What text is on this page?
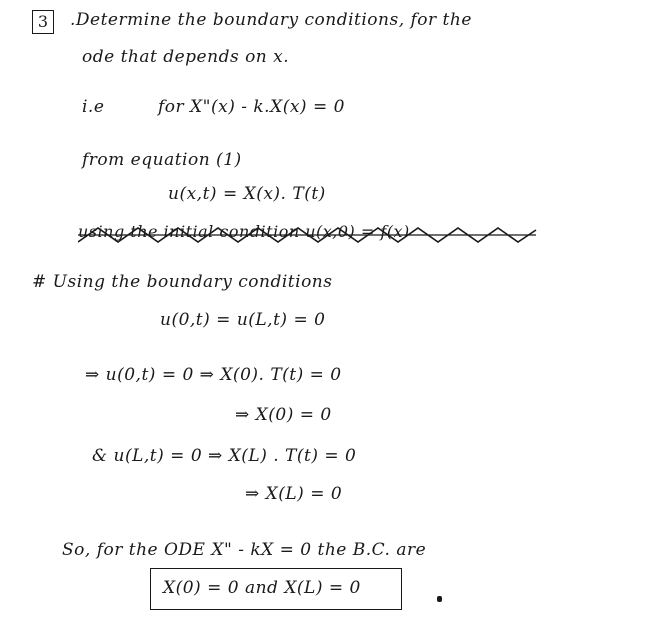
3	.Determine the boundary conditions, for the
ode that depends on x.
i.e	for X"(x) - k.X(x) = 0
from equation (1)
u(x,t) = X(x). T(t)
using the initial condition u(x,0) = f(x)
# Using the boundary conditions
u(0,t) = u(L,t) = 0
⇒ u(0,t) = 0 ⇒ X(0). T(t) = 0
⇒ X(0) = 0
& u(L,t) = 0 ⇒ X(L) . T(t) = 0
⇒ X(L) = 0
So, for the ODE X" - kX = 0 the B.C. are
X(0) = 0 and X(L) = 0
